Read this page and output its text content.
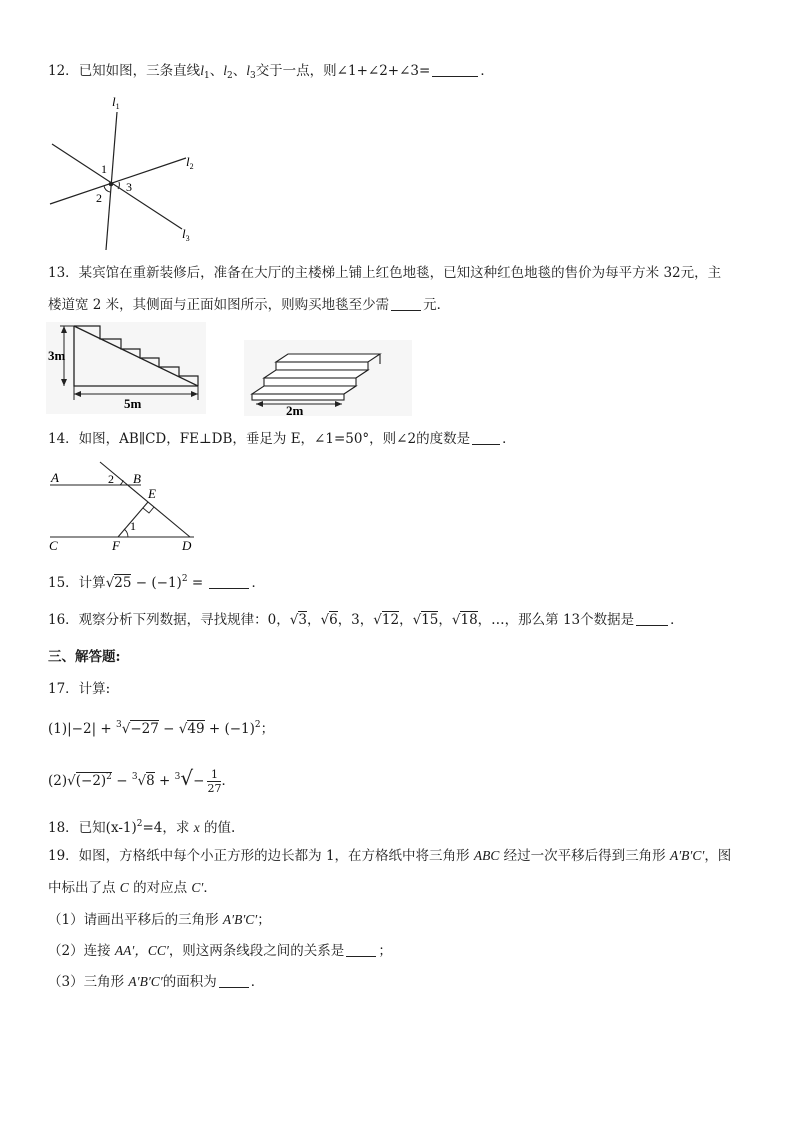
12．已知如图，三条直线$l_1$、$l_2$、$l_3$交于一点，则∠1+∠2+∠3=	．
$l_1$
$l_2$
$l_3$
1
2
3
13．某宾馆在重新装修后，准备在大厅的主楼梯上铺上红色地毯，已知这种红色地毯的售价为每平方米 32元，主
楼道宽 2 米，其侧面与正面如图所示，则购买地毯至少需	元．
3m
5m	2m
14．如图，AB∥CD，FE⊥DB，垂足为 E，∠1=50°，则∠2的度数是 ．
A	B
C	D
E
F
1
2
15．计算$√25 - (-1)^2$ =	．
16．观察分析下列数据，寻找规律：0，√3，√6，3，√12，√15，√18，…，那么第 13个数据是	．
三、解答题:
17．计算:
$(1)|-2| + ^3√-27 - √49 + (-1)^2$；
$(2)√(-2)^2 - ^3√8 + ^3√- \frac{1}{27}$ ．
18．已知$(x-1)^2=4$，求 x 的值.
19．如图，方格纸中每个小正方形的边长都为 1，在方格纸中将三角形 ABC 经过一次平移后得到三角形 A′B′C′，图
中标出了点 C 的对应点 C′．
（1）请画出平移后的三角形 A′B′C′；
（2）连接 AA′，CC′，则这两条线段之间的关系是	；
（3）三角形 A′B′C′的面积为	．
